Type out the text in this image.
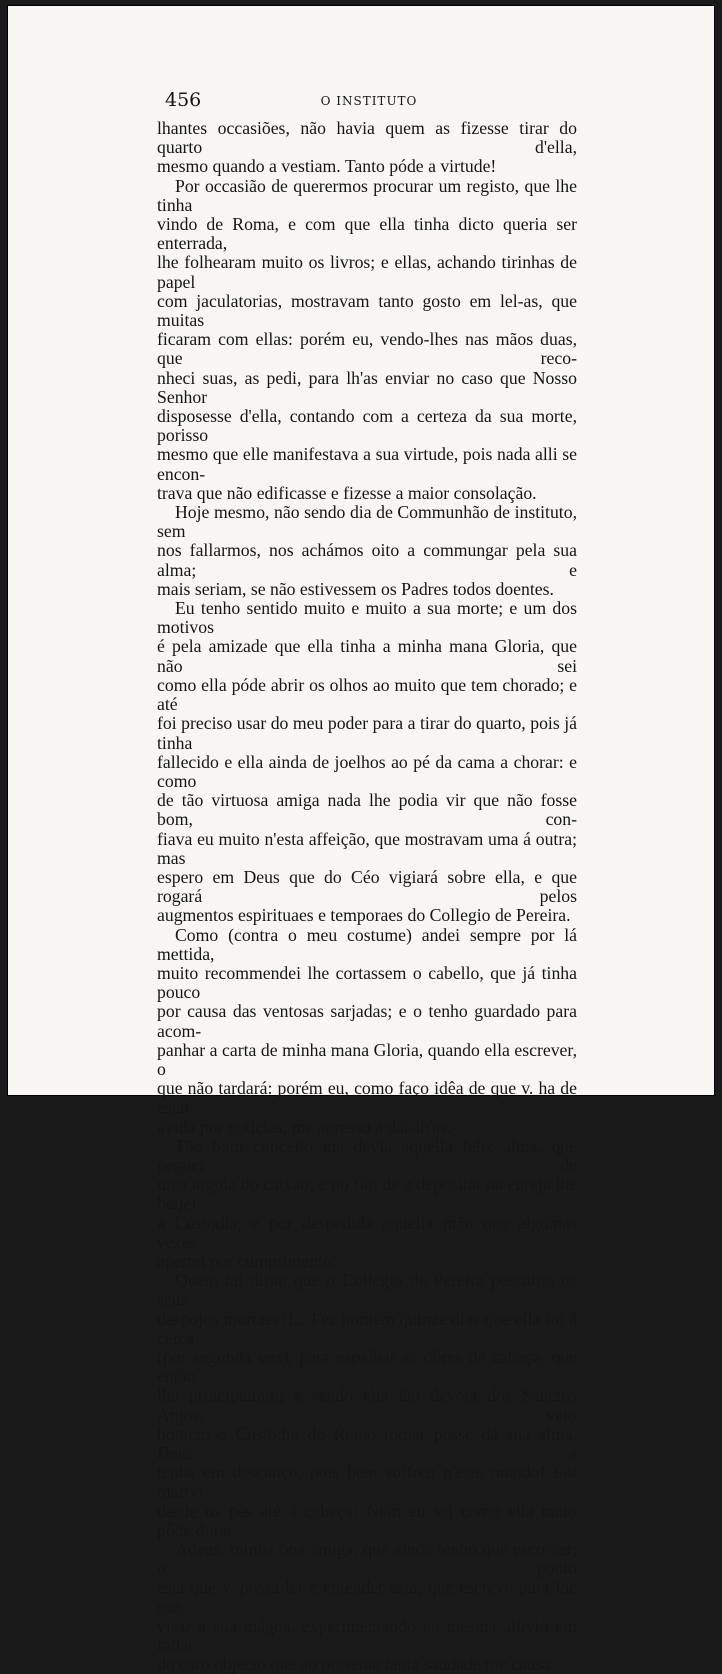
456	O INSTITUTO

lhantes occasiões, não havia quem as fizesse tirar do quarto d'ella,

mesmo quando a vestiam. Tanto póde a virtude!

Por occasião de querermos procurar um registo, que lhe tinha

vindo de Roma, e com que ella tinha dicto queria ser enterrada,

lhe folhearam muito os livros; e ellas, achando tirinhas de papel

com jaculatorias, mostravam tanto gosto em lel-as, que muitas

ficaram com ellas: porém eu, vendo-lhes nas mãos duas, que reco-

nheci suas, as pedi, para lh'as enviar no caso que Nosso Senhor

disposesse d'ella, contando com a certeza da sua morte, porisso

mesmo que elle manifestava a sua virtude, pois nada alli se encon-

trava que não edificasse e fizesse a maior consolação.

Hoje mesmo, não sendo dia de Communhão de instituto, sem

nos fallarmos, nos achámos oito a commungar pela sua alma; e

mais seriam, se não estivessem os Padres todos doentes.

Eu tenho sentido muito e muito a sua morte; e um dos motivos

é pela amizade que ella tinha a minha mana Gloria, que não sei

como ella póde abrir os olhos ao muito que tem chorado; e até

foi preciso usar do meu poder para a tirar do quarto, pois já tinha

fallecido e ella ainda de joelhos ao pé da cama a chorar: e como

de tão virtuosa amiga nada lhe podia vir que não fosse bom, con-

fiava eu muito n'esta affeição, que mostravam uma á outra; mas

espero em Deus que do Céo vigiará sobre ella, e que rogará pelos

augmentos espirituaes e temporaes do Collegio de Pereira.

Como (contra o meu costume) andei sempre por lá mettida,

muito recommendei lhe cortassem o cabello, que já tinha pouco

por causa das ventosas sarjadas; e o tenho guardado para acom-

panhar a carta de minha mana Gloria, quando ella escrever, o

que não tardará: porém eu, como faço idêa de que v. ha de estar

avida por noticias, me apresso a dar-lh'as.

Tão bom conceito me devia aquella feliz alma, que peguei de

uma argola do caixão, e no fim de a depositar na egreja lhe beijei

a Custodia, e por despedida aquella mão que algumas vezes

apertei por cumprimento!

Quem tal diria: que o Collegio de Pereira possuiria os seus

despojos mortaes?!... Fez hontem quinze dias que ella foi á cerca

(por segunda vez), para espalhar as dôres de cabeça, que então

lhe principiaram; e sendo ella tão devota dos Sanctos Anjos, veio

hontem o Custodio do Reino tomar posse da sua alma. Deus a

tenha em descanço, pois bem soffreu n'este mundo! Foi martyr

desde os pés até á cabeça! Nem eu sei como ella tanto pôde durar.

Adeus, minha boa amiga, que ainda tenho que escrever; o ponto

está que v. possa ler e entender esta, que escrevo para lhe sua-

visar a sua mágoa, experimentando eu mesma allivio em fallar

do caro objecto que ao presente tanta saudade me causa.
